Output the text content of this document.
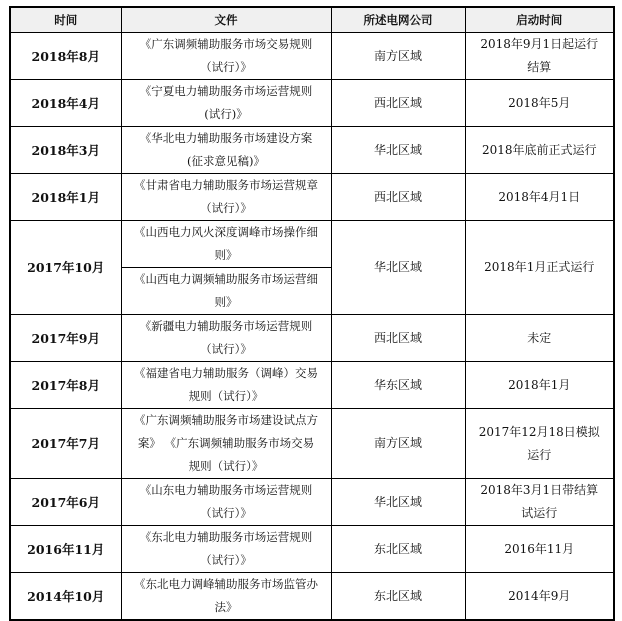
时间	文件	所述电网公司	启动时间
2018年8月	《广东调频辅助服务市场交易规则（试行）》	南方区域	2018年9月1日起运行结算
2018年4月	《宁夏电力辅助服务市场运营规则(试行)》	西北区域	2018年5月
2018年3月	《华北电力辅助服务市场建设方案(征求意见稿)》	华北区域	2018年底前正式运行
2018年1月	《甘肃省电力辅助服务市场运营规章（试行）》	西北区域	2018年4月1日
2017年10月	《山西电力风火深度调峰市场操作细则》	华北区域	2018年1月正式运行
	《山西电力调频辅助服务市场运营细则》		
2017年9月	《新疆电力辅助服务市场运营规则（试行）》	西北区域	未定
2017年8月	《福建省电力辅助服务（调峰）交易规则（试行）》	华东区域	2018年1月
2017年7月	《广东调频辅助服务市场建设试点方案》 《广东调频辅助服务市场交易规则（试行）》	南方区域	2017年12月18日模拟运行
2017年6月	《山东电力辅助服务市场运营规则（试行）》	华北区域	2018年3月1日带结算试运行
2016年11月	《东北电力辅助服务市场运营规则（试行）》	东北区域	2016年11月
2014年10月	《东北电力调峰辅助服务市场监管办法》	东北区域	2014年9月
